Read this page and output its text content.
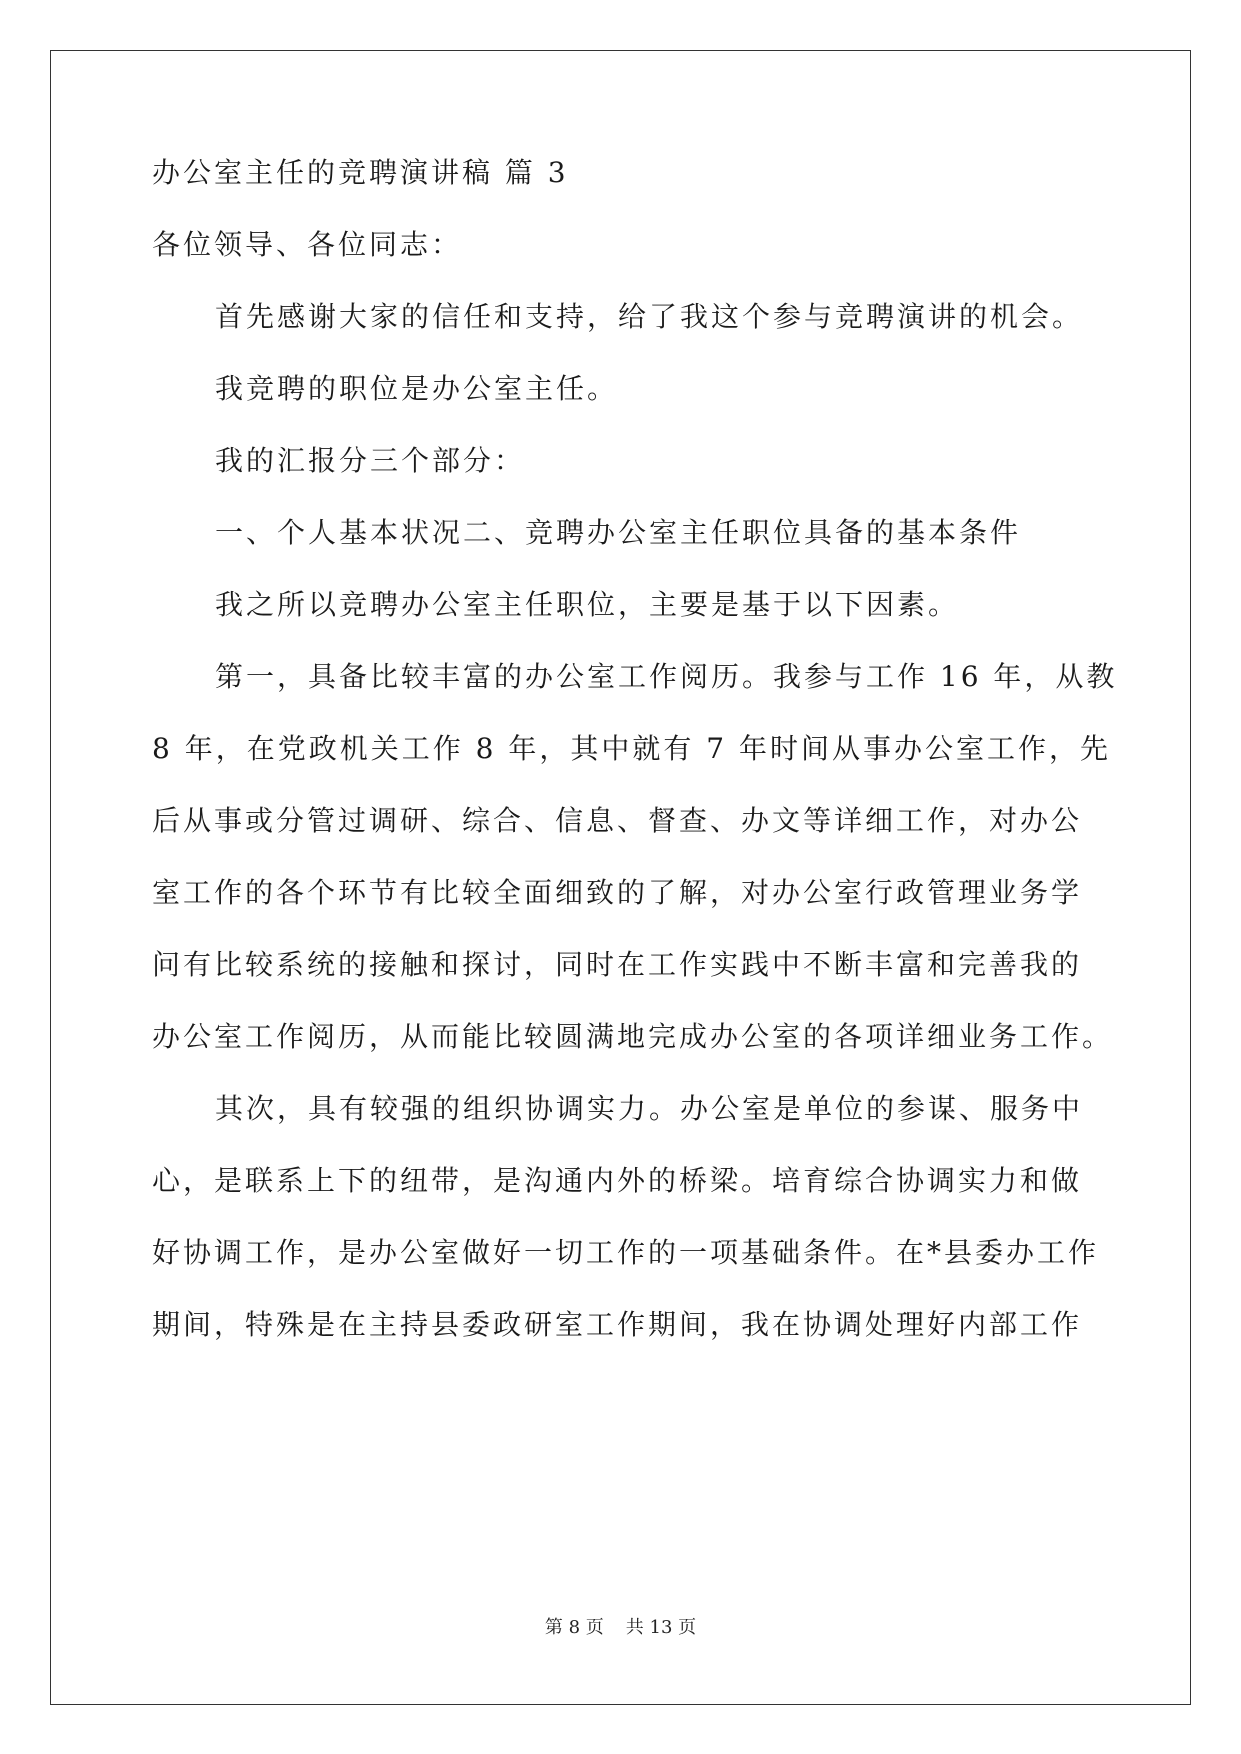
办公室主任的竞聘演讲稿 篇 3
各位领导、各位同志：
首先感谢大家的信任和支持，给了我这个参与竞聘演讲的机会。
我竞聘的职位是办公室主任。
我的汇报分三个部分：
一、个人基本状况二、竞聘办公室主任职位具备的基本条件
我之所以竞聘办公室主任职位，主要是基于以下因素。
第一，具备比较丰富的办公室工作阅历。我参与工作 16 年，从教
8 年，在党政机关工作 8 年，其中就有 7 年时间从事办公室工作，先
后从事或分管过调研、综合、信息、督查、办文等详细工作，对办公
室工作的各个环节有比较全面细致的了解，对办公室行政管理业务学
问有比较系统的接触和探讨，同时在工作实践中不断丰富和完善我的
办公室工作阅历，从而能比较圆满地完成办公室的各项详细业务工作。
其次，具有较强的组织协调实力。办公室是单位的参谋、服务中
心，是联系上下的纽带，是沟通内外的桥梁。培育综合协调实力和做
好协调工作，是办公室做好一切工作的一项基础条件。在*县委办工作
期间，特殊是在主持县委政研室工作期间，我在协调处理好内部工作
第 8 页 共 13 页
